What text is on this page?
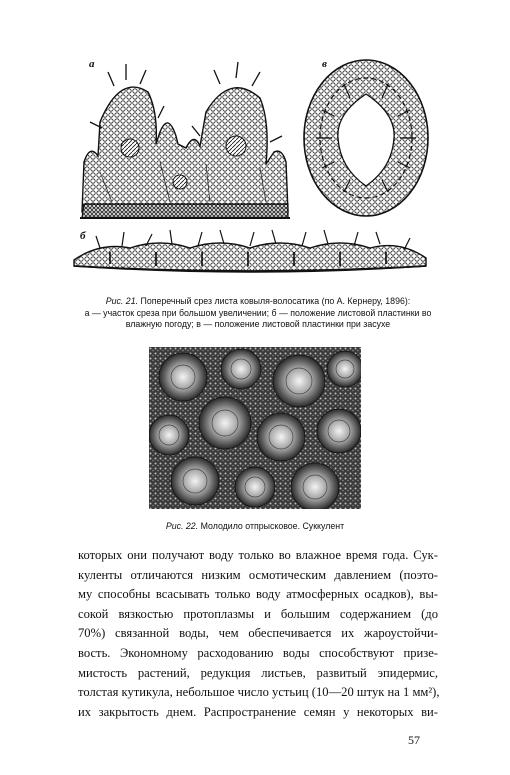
а	в
б
Рис. 21. Поперечный срез листа ковыля-волосатика (по А. Кернеру, 1896):
а — участок среза при большом увеличении; б — положение листовой пластинки во
влажную погоду; в — положение листовой пластинки при засухе
Рис. 22. Молодило отпрысковое. Суккулент
которых они получают воду только во влажное время года. Сук-
куленты отличаются низким осмотическим давлением (поэто-
му способны всасывать только воду атмосферных осадков), вы-
сокой вязкостью протоплазмы и большим содержанием (до
70%) связанной воды, чем обеспечивается их жароустойчи-
вость. Экономному расходованию воды способствуют призе-
мистость растений, редукция листьев, развитый эпидермис,
толстая кутикула, небольшое число устьиц (10—20 штук на 1 мм²),
их закрытость днем. Распространение семян у некоторых ви-
57
